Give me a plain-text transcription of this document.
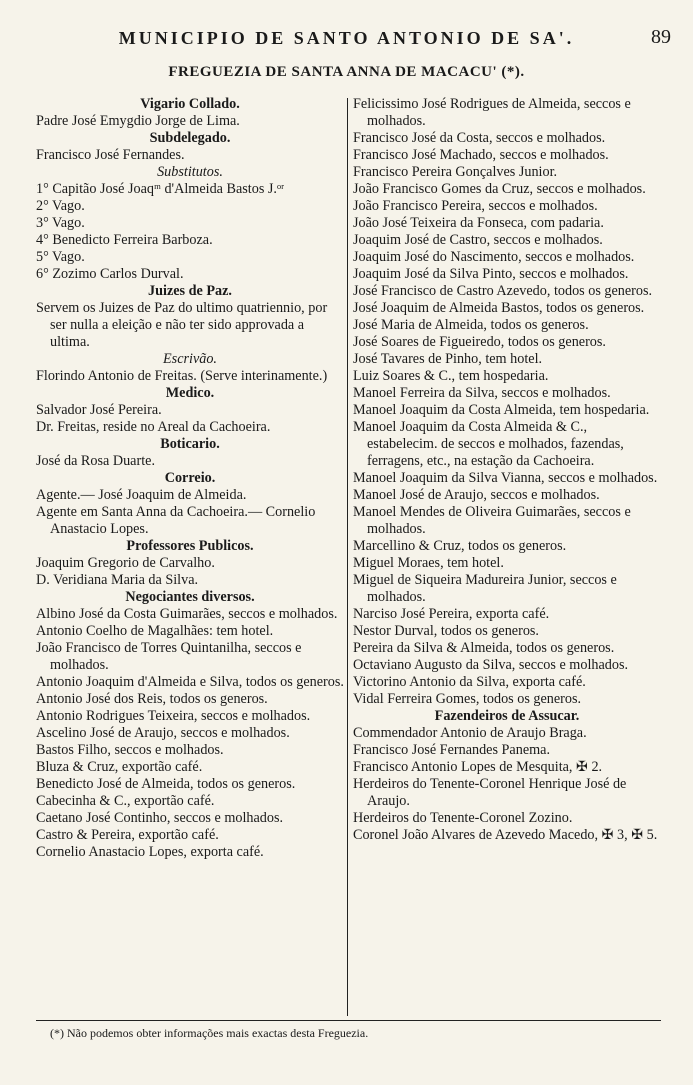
MUNICIPIO DE SANTO ANTONIO DE SA'.	89
FREGUEZIA DE SANTA ANNA DE MACACU' (*).
Vigario Collado.
Padre José Emygdio Jorge de Lima.
Subdelegado.
Francisco José Fernandes.
Substitutos.
1° Capitão José Joaqᵐ d'Almeida Bastos J.ᵒʳ
2° Vago.
3° Vago.
4° Benedicto Ferreira Barboza.
5° Vago.
6° Zozimo Carlos Durval.
Juizes de Paz.
Servem os Juizes de Paz do ultimo quatriennio, por ser nulla a eleição e não ter sido approvada a ultima.
Escrivão.
Florindo Antonio de Freitas. (Serve interinamente.)
Medico.
Salvador José Pereira.
Dr. Freitas, reside no Areal da Cachoeira.
Boticario.
José da Rosa Duarte.
Correio.
Agente.— José Joaquim de Almeida.
Agente em Santa Anna da Cachoeira.— Cornelio Anastacio Lopes.
Professores Publicos.
Joaquim Gregorio de Carvalho.
D. Veridiana Maria da Silva.
Negociantes diversos.
Albino José da Costa Guimarães, seccos e molhados.
Antonio Coelho de Magalhães: tem hotel.
João Francisco de Torres Quintanilha, seccos e molhados.
Antonio Joaquim d'Almeida e Silva, todos os generos.
Antonio José dos Reis, todos os generos.
Antonio Rodrigues Teixeira, seccos e molhados.
Ascelino José de Araujo, seccos e molhados.
Bastos Filho, seccos e molhados.
Bluza & Cruz, exportão café.
Benedicto José de Almeida, todos os generos.
Cabecinha & C., exportão café.
Caetano José Continho, seccos e molhados.
Castro & Pereira, exportão café.
Cornelio Anastacio Lopes, exporta café.
Felicissimo José Rodrigues de Almeida, seccos e molhados.
Francisco José da Costa, seccos e molhados.
Francisco José Machado, seccos e molhados.
Francisco Pereira Gonçalves Junior.
João Francisco Gomes da Cruz, seccos e molhados.
João Francisco Pereira, seccos e molhados.
João José Teixeira da Fonseca, com padaria.
Joaquim José de Castro, seccos e molhados.
Joaquim José do Nascimento, seccos e molhados.
Joaquim José da Silva Pinto, seccos e molhados.
José Francisco de Castro Azevedo, todos os generos.
José Joaquim de Almeida Bastos, todos os generos.
José Maria de Almeida, todos os generos.
José Soares de Figueiredo, todos os generos.
José Tavares de Pinho, tem hotel.
Luiz Soares & C., tem hospedaria.
Manoel Ferreira da Silva, seccos e molhados.
Manoel Joaquim da Costa Almeida, tem hospedaria.
Manoel Joaquim da Costa Almeida & C., estabelecim. de seccos e molhados, fazendas, ferragens, etc., na estação da Cachoeira.
Manoel Joaquim da Silva Vianna, seccos e molhados.
Manoel José de Araujo, seccos e molhados.
Manoel Mendes de Oliveira Guimarães, seccos e molhados.
Marcellino & Cruz, todos os generos.
Miguel Moraes, tem hotel.
Miguel de Siqueira Madureira Junior, seccos e molhados.
Narciso José Pereira, exporta café.
Nestor Durval, todos os generos.
Pereira da Silva & Almeida, todos os generos.
Octaviano Augusto da Silva, seccos e molhados.
Victorino Antonio da Silva, exporta café.
Vidal Ferreira Gomes, todos os generos.
Fazendeiros de Assucar.
Commendador Antonio de Araujo Braga.
Francisco José Fernandes Panema.
Francisco Antonio Lopes de Mesquita, ✠ 2.
Herdeiros do Tenente-Coronel Henrique José de Araujo.
Herdeiros do Tenente-Coronel Zozino.
Coronel João Alvares de Azevedo Macedo, ✠ 3, ✠ 5.
(*) Não podemos obter informações mais exactas desta Freguezia.
